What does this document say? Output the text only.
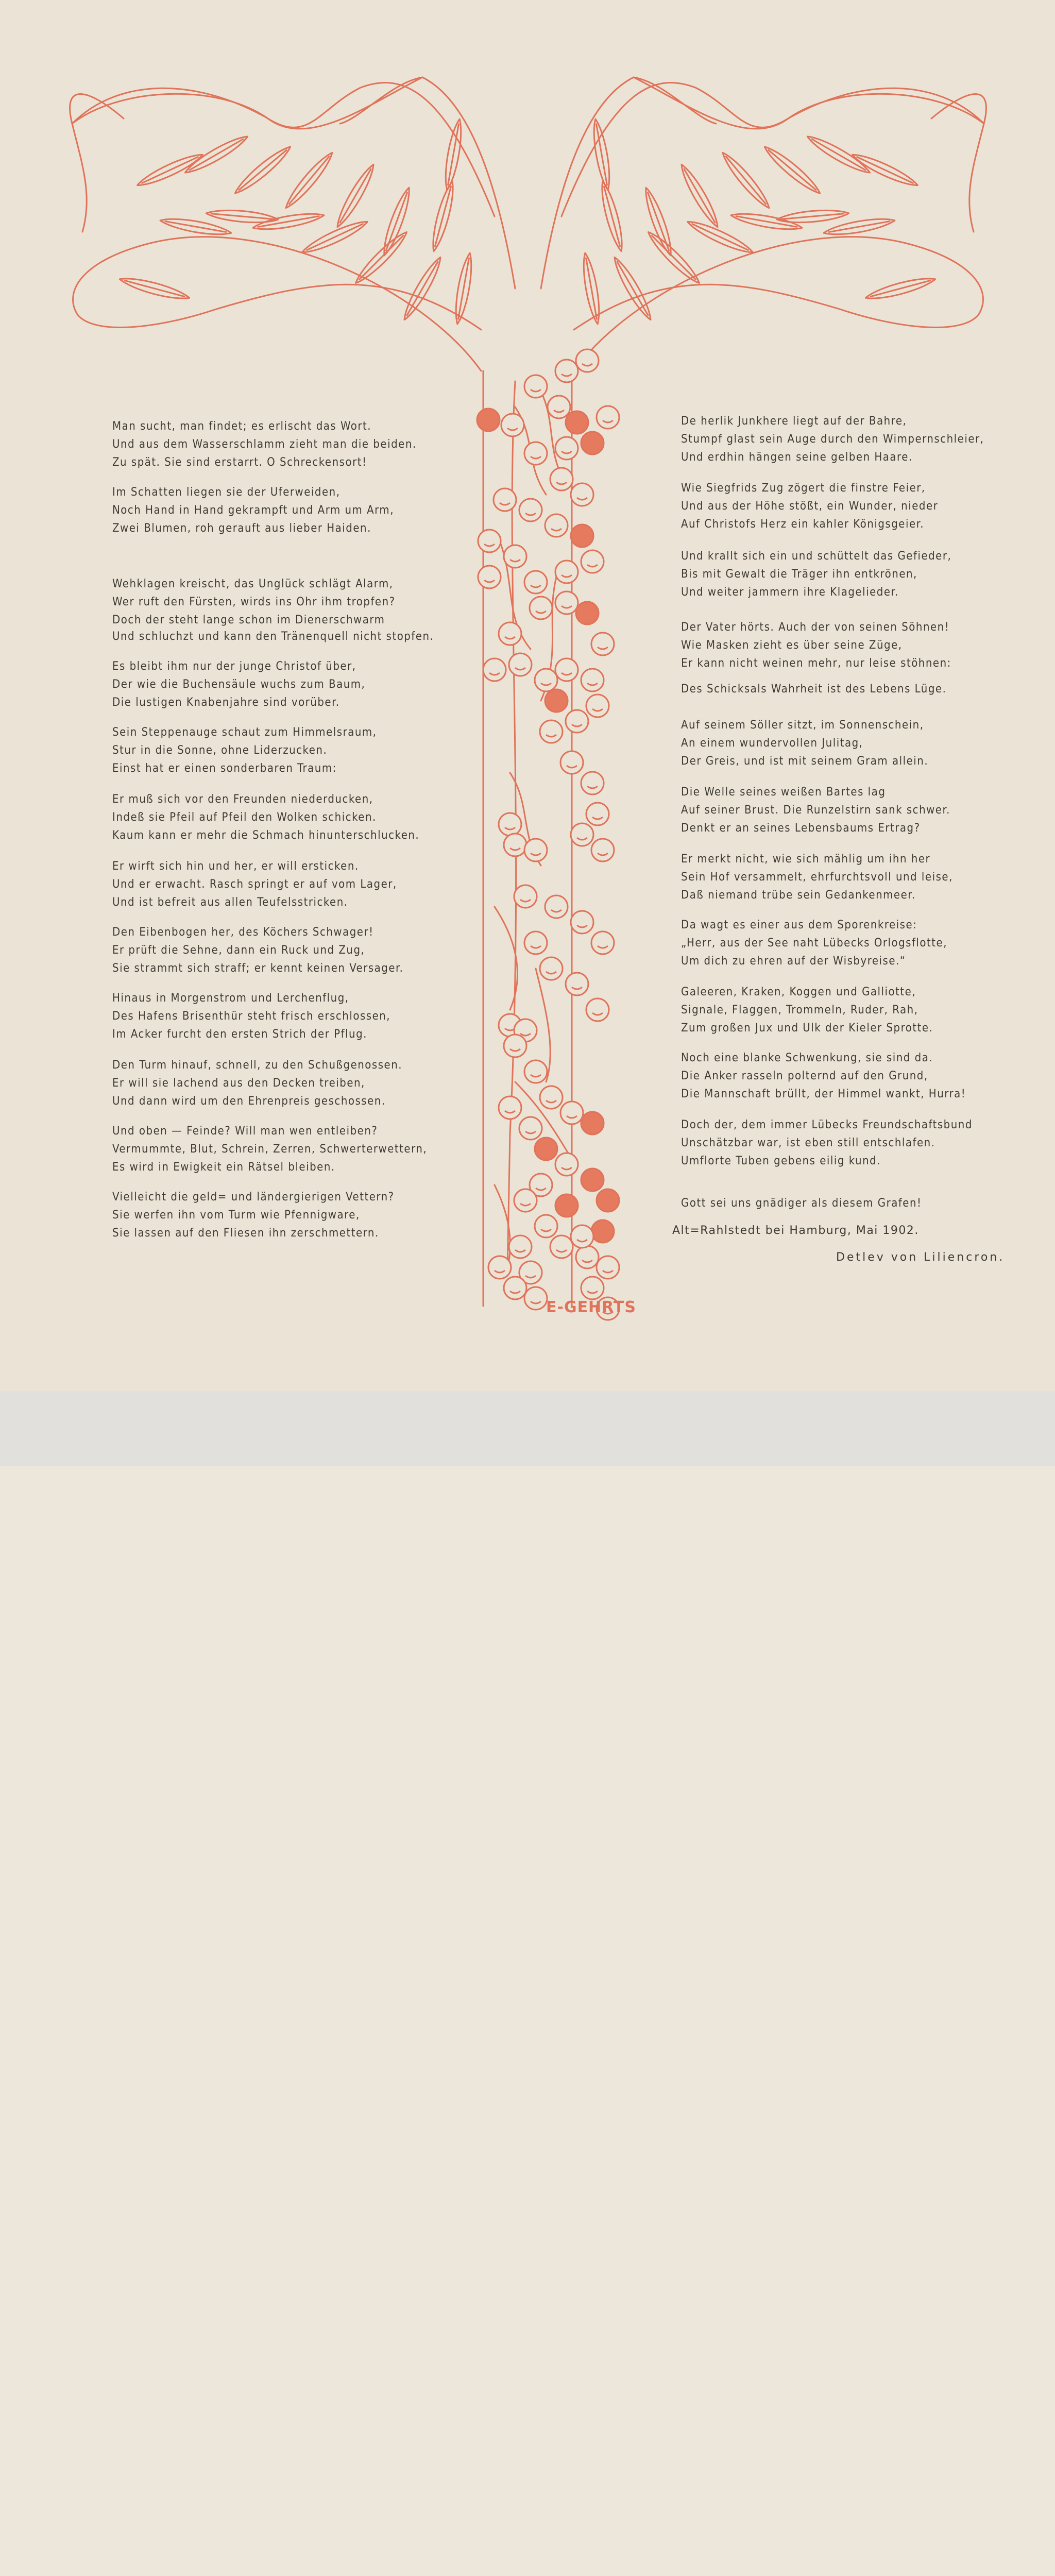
Man sucht, man findet; es erlischt das Wort.
Und aus dem Wasserschlamm zieht man die beiden.
Zu spät. Sie sind erstarrt. O Schreckensort!
Im Schatten liegen sie der Uferweiden,
Noch Hand in Hand gekrampft und Arm um Arm,
Zwei Blumen, roh gerauft aus lieber Haiden.
Wehklagen kreischt, das Unglück schlägt Alarm,
Wer ruft den Fürsten, wirds ins Ohr ihm tropfen?
Doch der steht lange schon im Dienerschwarm
Und schluchzt und kann den Tränenquell nicht stopfen.
Es bleibt ihm nur der junge Christof über,
Der wie die Buchensäule wuchs zum Baum,
Die lustigen Knabenjahre sind vorüber.
Sein Steppenauge schaut zum Himmelsraum,
Stur in die Sonne, ohne Liderzucken.
Einst hat er einen sonderbaren Traum:
Er muß sich vor den Freunden niederducken,
Indeß sie Pfeil auf Pfeil den Wolken schicken.
Kaum kann er mehr die Schmach hinunterschlucken.
Er wirft sich hin und her, er will ersticken.
Und er erwacht. Rasch springt er auf vom Lager,
Und ist befreit aus allen Teufelsstricken.
Den Eibenbogen her, des Köchers Schwager!
Er prüft die Sehne, dann ein Ruck und Zug,
Sie strammt sich straff; er kennt keinen Versager.
Hinaus in Morgenstrom und Lerchenflug,
Des Hafens Brisenthür steht frisch erschlossen,
Im Acker furcht den ersten Strich der Pflug.
Den Turm hinauf, schnell, zu den Schußgenossen.
Er will sie lachend aus den Decken treiben,
Und dann wird um den Ehrenpreis geschossen.
Und oben — Feinde? Will man wen entleiben?
Vermummte, Blut, Schrein, Zerren, Schwerterwettern,
Es wird in Ewigkeit ein Rätsel bleiben.
Vielleicht die geld= und ländergierigen Vettern?
Sie werfen ihn vom Turm wie Pfennigware,
Sie lassen auf den Fliesen ihn zerschmettern.
De herlik Junkhere liegt auf der Bahre,
Stumpf glast sein Auge durch den Wimpernschleier,
Und erdhin hängen seine gelben Haare.
Wie Siegfrids Zug zögert die finstre Feier,
Und aus der Höhe stößt, ein Wunder, nieder
Auf Christofs Herz ein kahler Königsgeier.
Und krallt sich ein und schüttelt das Gefieder,
Bis mit Gewalt die Träger ihn entkrönen,
Und weiter jammern ihre Klagelieder.
Der Vater hörts. Auch der von seinen Söhnen!
Wie Masken zieht es über seine Züge,
Er kann nicht weinen mehr, nur leise stöhnen:
Des Schicksals Wahrheit ist des Lebens Lüge.
Auf seinem Söller sitzt, im Sonnenschein,
An einem wundervollen Julitag,
Der Greis, und ist mit seinem Gram allein.
Die Welle seines weißen Bartes lag
Auf seiner Brust. Die Runzelstirn sank schwer.
Denkt er an seines Lebensbaums Ertrag?
Er merkt nicht, wie sich mählig um ihn her
Sein Hof versammelt, ehrfurchtsvoll und leise,
Daß niemand trübe sein Gedankenmeer.
Da wagt es einer aus dem Sporenkreise:
„Herr, aus der See naht Lübecks Orlogsflotte,
Um dich zu ehren auf der Wisbyreise.“
Galeeren, Kraken, Koggen und Galliotte,
Signale, Flaggen, Trommeln, Ruder, Rah,
Zum großen Jux und Ulk der Kieler Sprotte.
Noch eine blanke Schwenkung, sie sind da.
Die Anker rasseln polternd auf den Grund,
Die Mannschaft brüllt, der Himmel wankt, Hurra!
Doch der, dem immer Lübecks Freundschaftsbund
Unschätzbar war, ist eben still entschlafen.
Umflorte Tuben gebens eilig kund.
Gott sei uns gnädiger als diesem Grafen!
Alt=Rahlstedt bei Hamburg, Mai 1902.
Detlev von Liliencron.
E-GEHRTS
